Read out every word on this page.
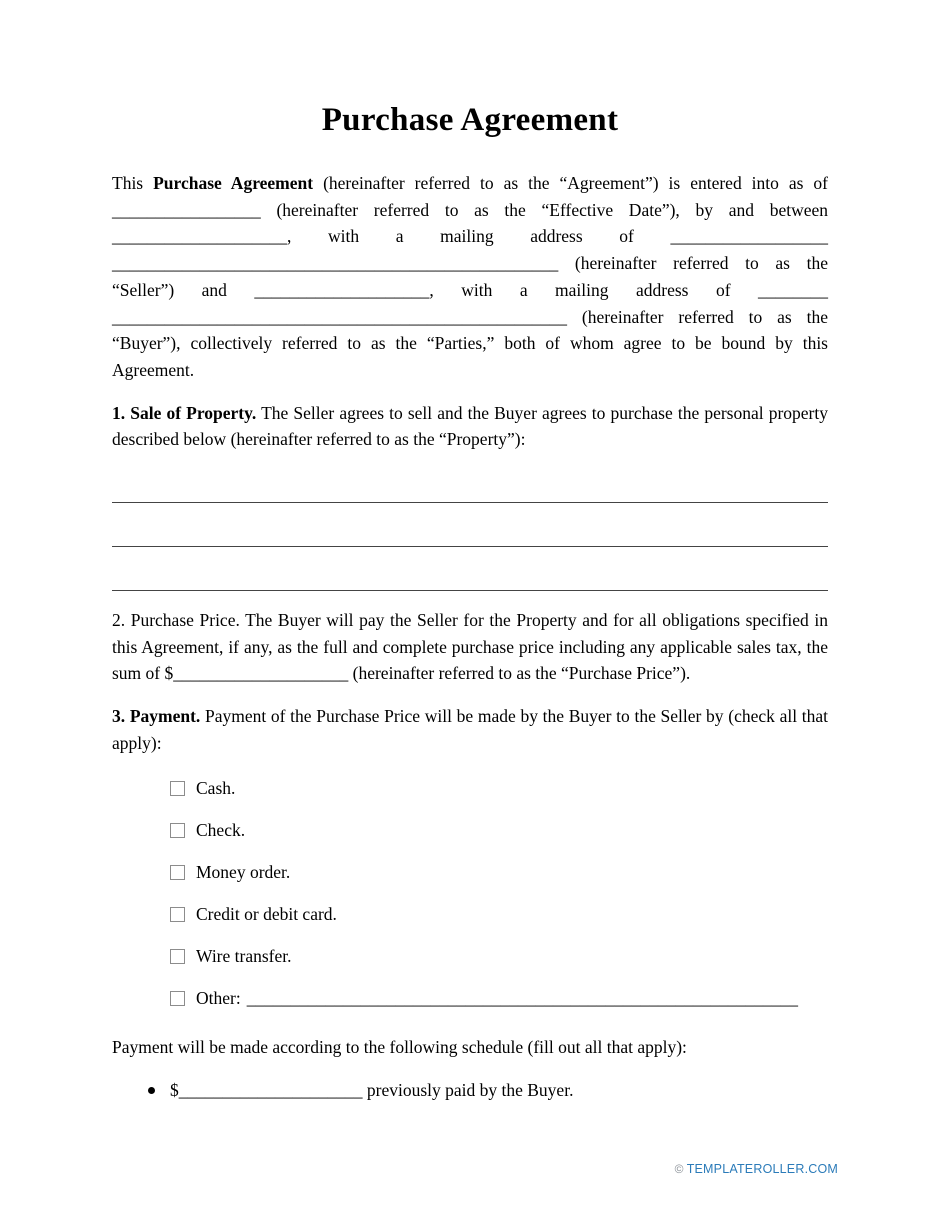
Purchase Agreement

This Purchase Agreement (hereinafter referred to as the “Agreement”) is entered into as of _________________ (hereinafter referred to as the “Effective Date”), by and between ____________________, with a mailing address of __________________ ___________________________________________________ (hereinafter referred to as the “Seller”) and ____________________, with a mailing address of ________ ____________________________________________________ (hereinafter referred to as the “Buyer”), collectively referred to as the “Parties,” both of whom agree to be bound by this Agreement.

1. Sale of Property. The Seller agrees to sell and the Buyer agrees to purchase the personal property described below (hereinafter referred to as the “Property”):

2. Purchase Price. The Buyer will pay the Seller for the Property and for all obligations specified in this Agreement, if any, as the full and complete purchase price including any applicable sales tax, the sum of $____________________ (hereinafter referred to as the “Purchase Price”).

3. Payment. Payment of the Purchase Price will be made by the Buyer to the Seller by (check all that apply):

Cash.
Check.
Money order.
Credit or debit card.
Wire transfer.
Other: _______________________________________________________________

Payment will be made according to the following schedule (fill out all that apply):

$_____________________ previously paid by the Buyer.
© TEMPLATEROLLER.COM
